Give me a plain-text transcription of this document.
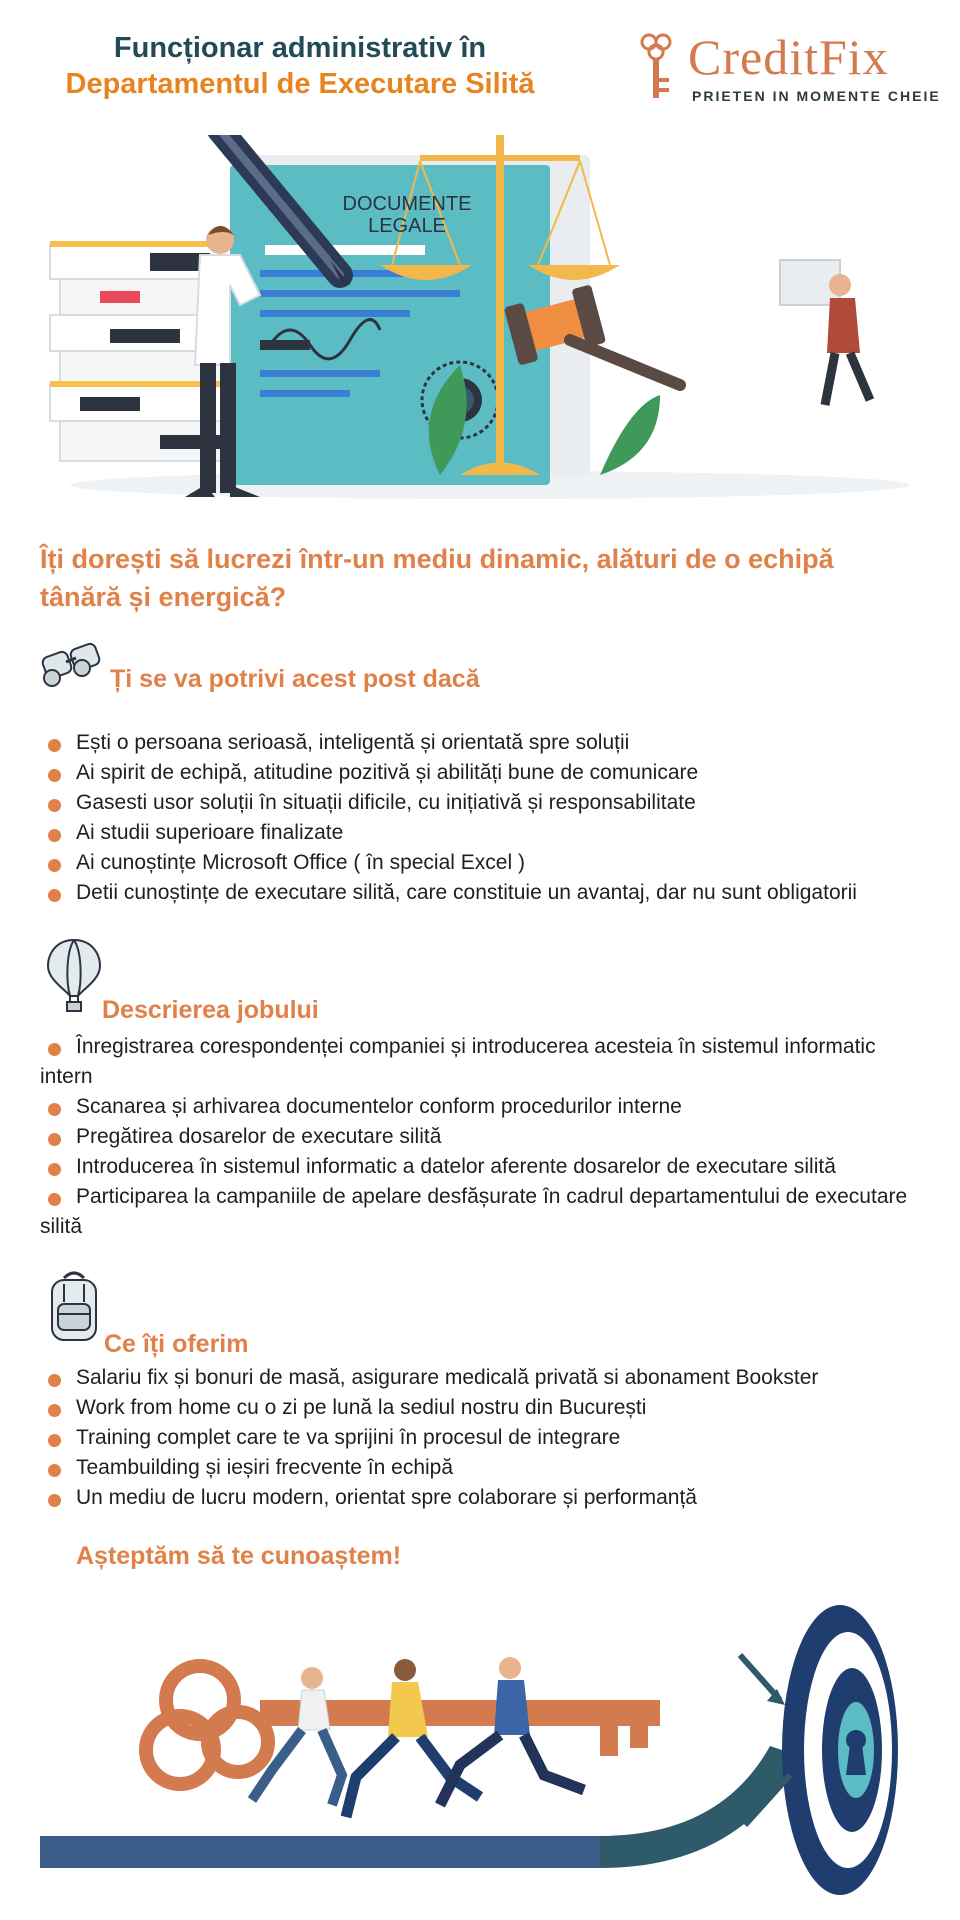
Funcționar administrativ în
Departamentul de Executare Silită	CreditFix
PRIETEN IN MOMENTE CHEIE
DOCUMENTE
LEGALE
Îți dorești să lucrezi într-un mediu dinamic, alături de o echipă tânără și energică?
Ți se va potrivi acest post dacă
Ești o persoana serioasă, inteligentă și orientată spre soluții
Ai spirit de echipă, atitudine pozitivă și abilități bune de comunicare
Gasesti usor soluții în situații dificile, cu inițiativă și responsabilitate
Ai studii superioare finalizate
Ai cunoștințe Microsoft Office ( în special Excel )
Detii cunoștințe de executare silită, care constituie un avantaj, dar nu sunt obligatorii
Descrierea jobului
Înregistrarea corespondenței companiei și introducerea acesteia în sistemul informatic intern
Scanarea și arhivarea documentelor conform procedurilor interne
Pregătirea dosarelor de executare silită
Introducerea în sistemul informatic a datelor aferente dosarelor de executare silită
Participarea la campaniile de apelare desfășurate în cadrul departamentului de executare silită
Ce îți oferim
Salariu fix și bonuri de masă, asigurare medicală privată si abonament Bookster
Work from home cu o zi pe lună la sediul nostru din București
Training complet care te va sprijini în procesul de integrare
Teambuilding și ieșiri frecvente în echipă
Un mediu de lucru modern, orientat spre colaborare și performanță
Așteptăm să te cunoaștem!
